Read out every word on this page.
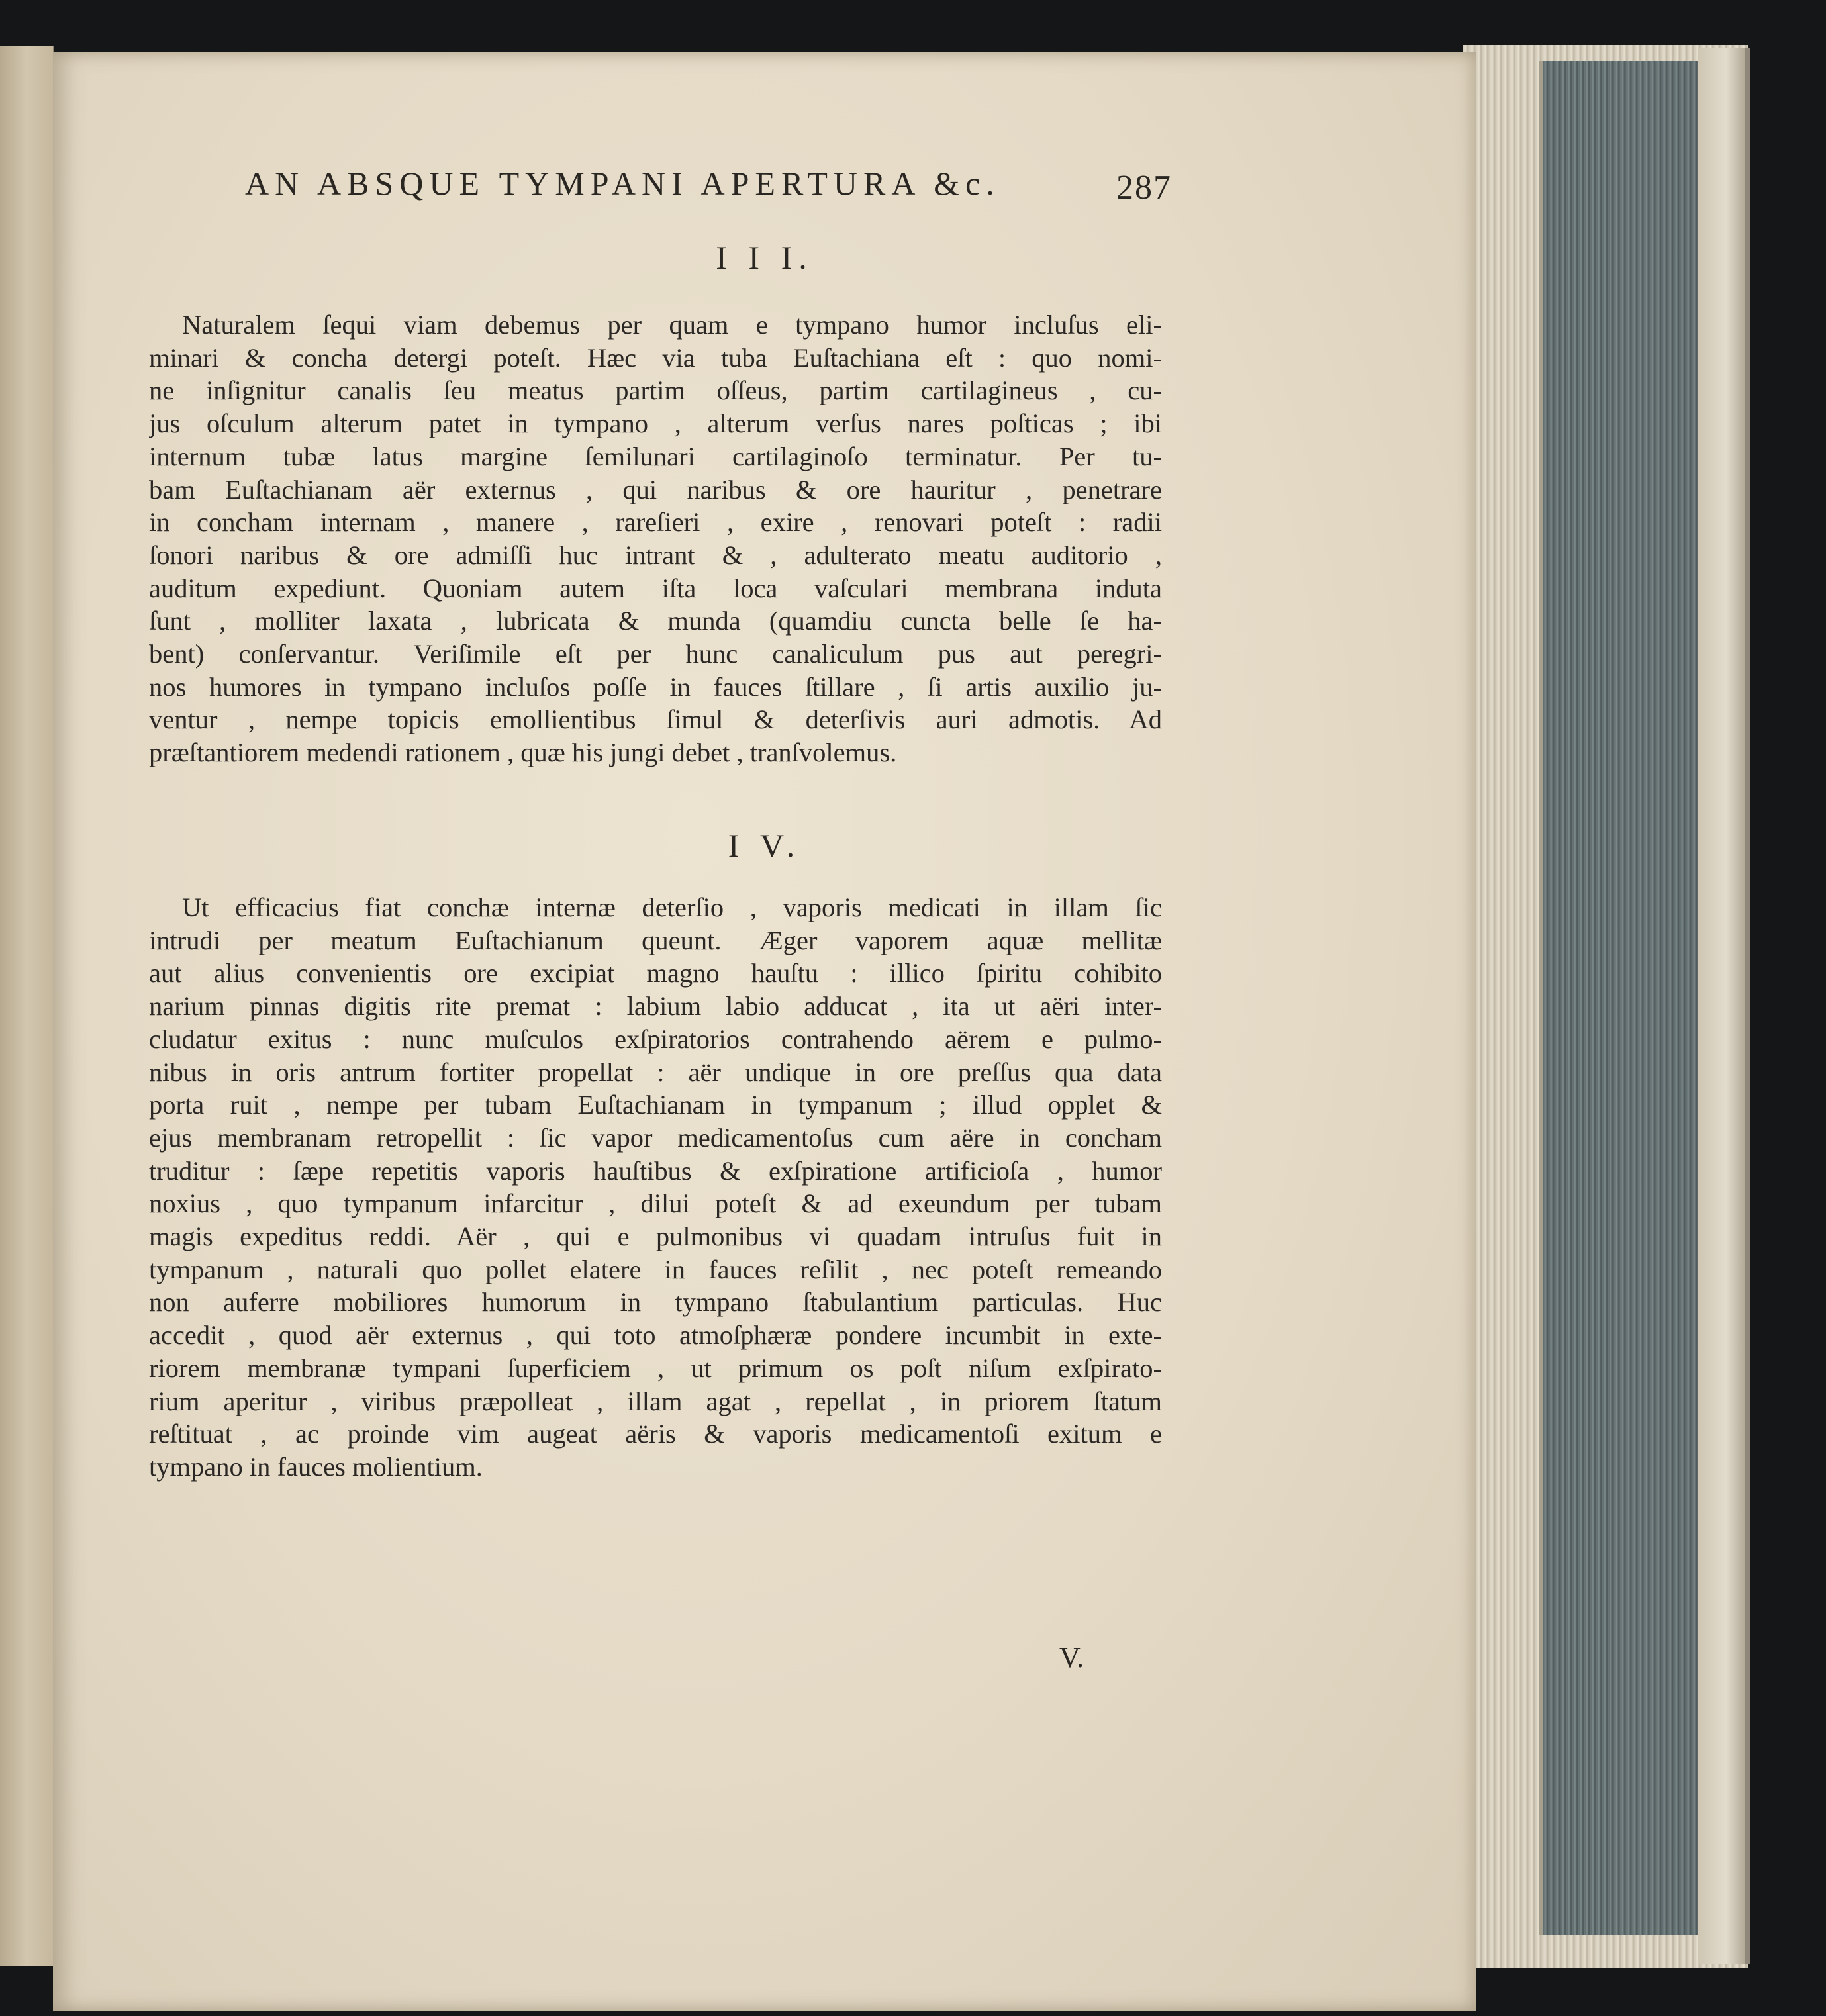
AN ABSQUE TYMPANI APERTURA &c.	287
I I I.
Naturalem ſequi viam debemus per quam e tympano humor incluſus eli-
minari & concha detergi poteſt. Hæc via tuba Euſtachiana eſt : quo nomi-
ne inſignitur canalis ſeu meatus partim oſſeus, partim cartilagineus , cu-
jus oſculum alterum patet in tympano , alterum verſus nares poſticas ; ibi
internum tubæ latus margine ſemilunari cartilaginoſo terminatur. Per tu-
bam Euſtachianam aër externus , qui naribus & ore hauritur , penetrare
in concham internam , manere , rareſieri , exire , renovari poteſt : radii
ſonori naribus & ore admiſſi huc intrant & , adulterato meatu auditorio ,
auditum expediunt. Quoniam autem iſta loca vaſculari membrana induta
ſunt , molliter laxata , lubricata & munda (quamdiu cuncta belle ſe ha-
bent) conſervantur. Veriſimile eſt per hunc canaliculum pus aut peregri-
nos humores in tympano incluſos poſſe in fauces ſtillare , ſi artis auxilio ju-
ventur , nempe topicis emollientibus ſimul & deterſivis auri admotis. Ad
præſtantiorem medendi rationem , quæ his jungi debet , tranſvolemus.
I V.
Ut efficacius fiat conchæ internæ deterſio , vaporis medicati in illam ſic
intrudi per meatum Euſtachianum queunt. Æger vaporem aquæ mellitæ
aut alius convenientis ore excipiat magno hauſtu : illico ſpiritu cohibito
narium pinnas digitis rite premat : labium labio adducat , ita ut aëri inter-
cludatur exitus : nunc muſculos exſpiratorios contrahendo aërem e pulmo-
nibus in oris antrum fortiter propellat : aër undique in ore preſſus qua data
porta ruit , nempe per tubam Euſtachianam in tympanum ; illud opplet &
ejus membranam retropellit : ſic vapor medicamentoſus cum aëre in concham
truditur : ſæpe repetitis vaporis hauſtibus & exſpiratione artificioſa , humor
noxius , quo tympanum infarcitur , dilui poteſt & ad exeundum per tubam
magis expeditus reddi. Aër , qui e pulmonibus vi quadam intruſus fuit in
tympanum , naturali quo pollet elatere in fauces reſilit , nec poteſt remeando
non auferre mobiliores humorum in tympano ſtabulantium particulas. Huc
accedit , quod aër externus , qui toto atmoſphæræ pondere incumbit in exte-
riorem membranæ tympani ſuperficiem , ut primum os poſt niſum exſpirato-
rium aperitur , viribus præpolleat , illam agat , repellat , in priorem ſtatum
reſtituat , ac proinde vim augeat aëris & vaporis medicamentoſi exitum e
tympano in fauces molientium.
V.
